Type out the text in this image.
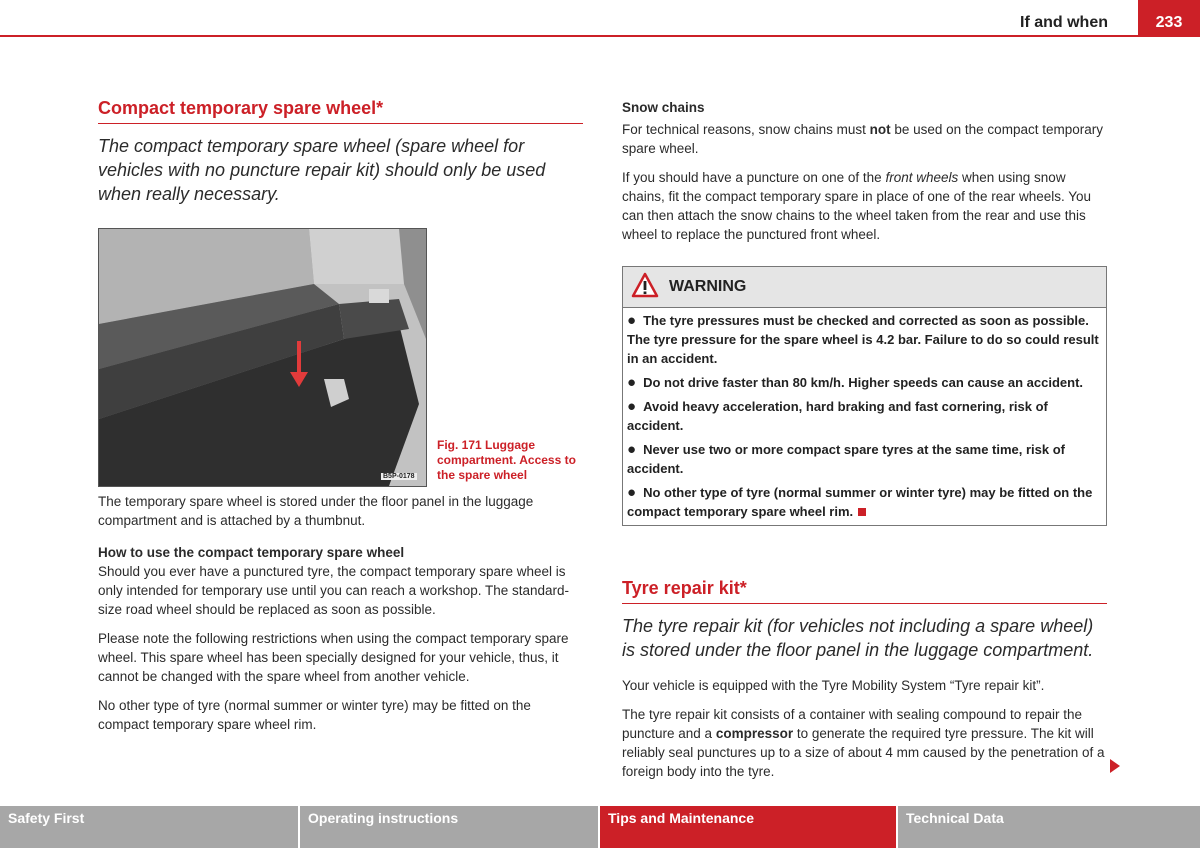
If and when	233
Compact temporary spare wheel*
The compact temporary spare wheel (spare wheel for vehicles with no puncture repair kit) should only be used when really necessary.
B5P-0178
Fig. 171 Luggage compartment. Access to the spare wheel

The temporary spare wheel is stored under the floor panel in the luggage compartment and is attached by a thumbnut.

How to use the compact temporary spare wheel

Should you ever have a punctured tyre, the compact temporary spare wheel is only intended for temporary use until you can reach a workshop. The standard-size road wheel should be replaced as soon as possible.

Please note the following restrictions when using the compact temporary spare wheel. This spare wheel has been specially designed for your vehicle, thus, it cannot be changed with the spare wheel from another vehicle.

No other type of tyre (normal summer or winter tyre) may be fitted on the compact temporary spare wheel rim.

Snow chains

For technical reasons, snow chains must not be used on the compact temporary spare wheel.

If you should have a puncture on one of the front wheels when using snow chains, fit the compact temporary spare in place of one of the rear wheels. You can then attach the snow chains to the wheel taken from the rear and use this wheel to replace the punctured front wheel.

WARNING
● The tyre pressures must be checked and corrected as soon as possible. The tyre pressure for the spare wheel is 4.2 bar. Failure to do so could result in an accident.
● Do not drive faster than 80 km/h. Higher speeds can cause an accident.
● Avoid heavy acceleration, hard braking and fast cornering, risk of accident.
● Never use two or more compact spare tyres at the same time, risk of accident.
● No other type of tyre (normal summer or winter tyre) may be fitted on the compact temporary spare wheel rim.
Tyre repair kit*
The tyre repair kit (for vehicles not including a spare wheel) is stored under the floor panel in the luggage compartment.

Your vehicle is equipped with the Tyre Mobility System “Tyre repair kit”.

The tyre repair kit consists of a container with sealing compound to repair the puncture and a compressor to generate the required tyre pressure. The kit will reliably seal punctures up to a size of about 4 mm caused by the penetration of a foreign body into the tyre.

Safety First	Operating instructions	Tips and Maintenance	Technical Data
